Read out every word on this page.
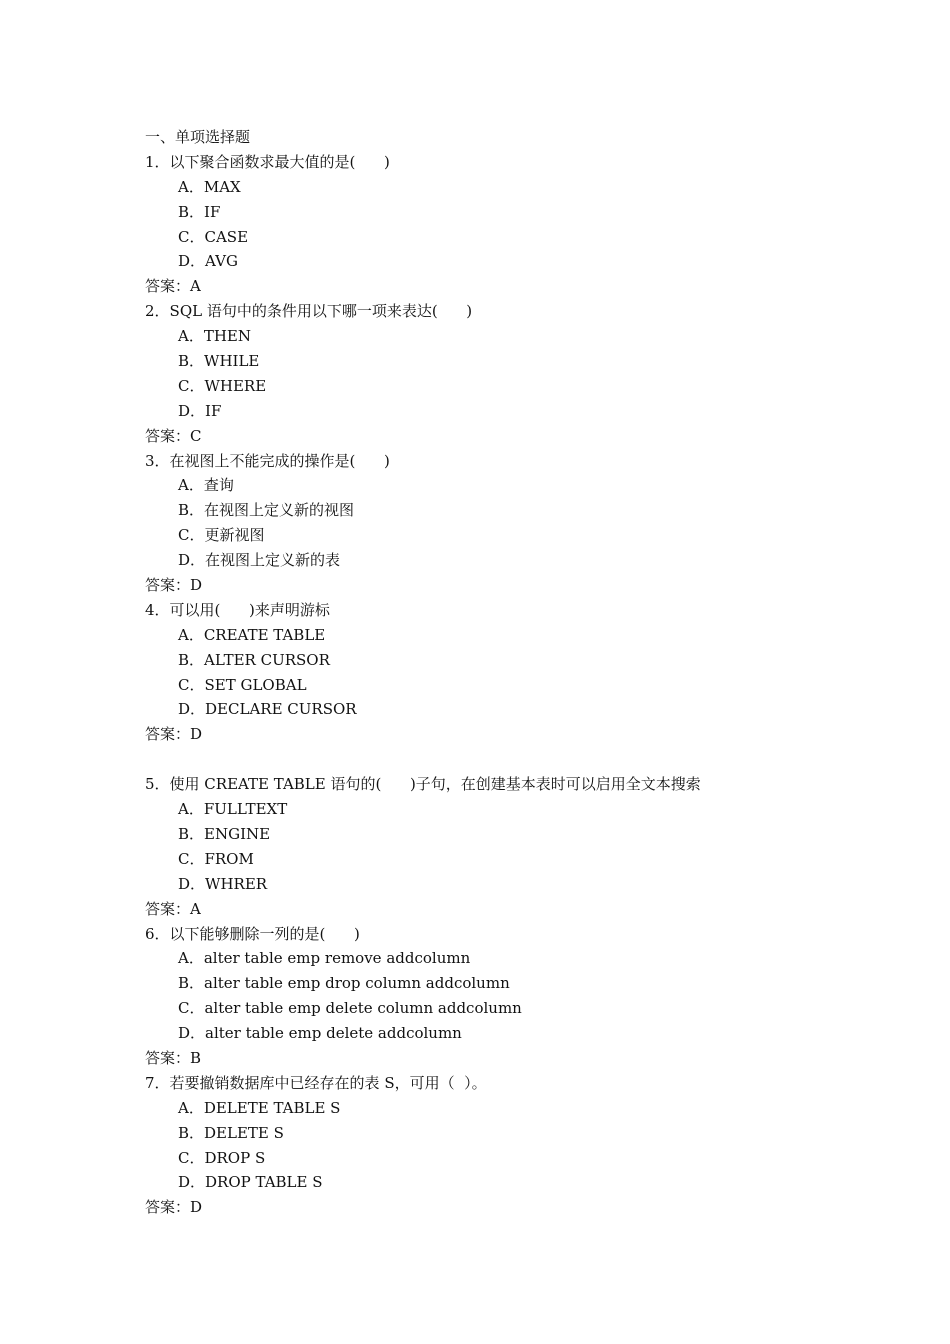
一、单项选择题
1．以下聚合函数求最大值的是(      )
A．MAX
B．IF
C．CASE
D．AVG
答案：A
2．SQL 语句中的条件用以下哪一项来表达(      )
A．THEN
B．WHILE
C．WHERE
D．IF
答案：C
3．在视图上不能完成的操作是(      )
A．查询
B．在视图上定义新的视图
C．更新视图
D．在视图上定义新的表
答案：D
4．可以用(      )来声明游标
A．CREATE TABLE
B．ALTER CURSOR
C．SET GLOBAL
D．DECLARE CURSOR
答案：D
5．使用 CREATE TABLE 语句的(      )子句，在创建基本表时可以启用全文本搜索
A．FULLTEXT
B．ENGINE
C．FROM
D．WHRER
答案：A
6．以下能够删除一列的是(      )
A．alter table emp remove addcolumn
B．alter table emp drop column addcolumn
C．alter table emp delete column addcolumn
D．alter table emp delete addcolumn
答案：B
7．若要撤销数据库中已经存在的表 S，可用（  ）。
A．DELETE TABLE S
B．DELETE S
C．DROP S
D．DROP TABLE S
答案：D
